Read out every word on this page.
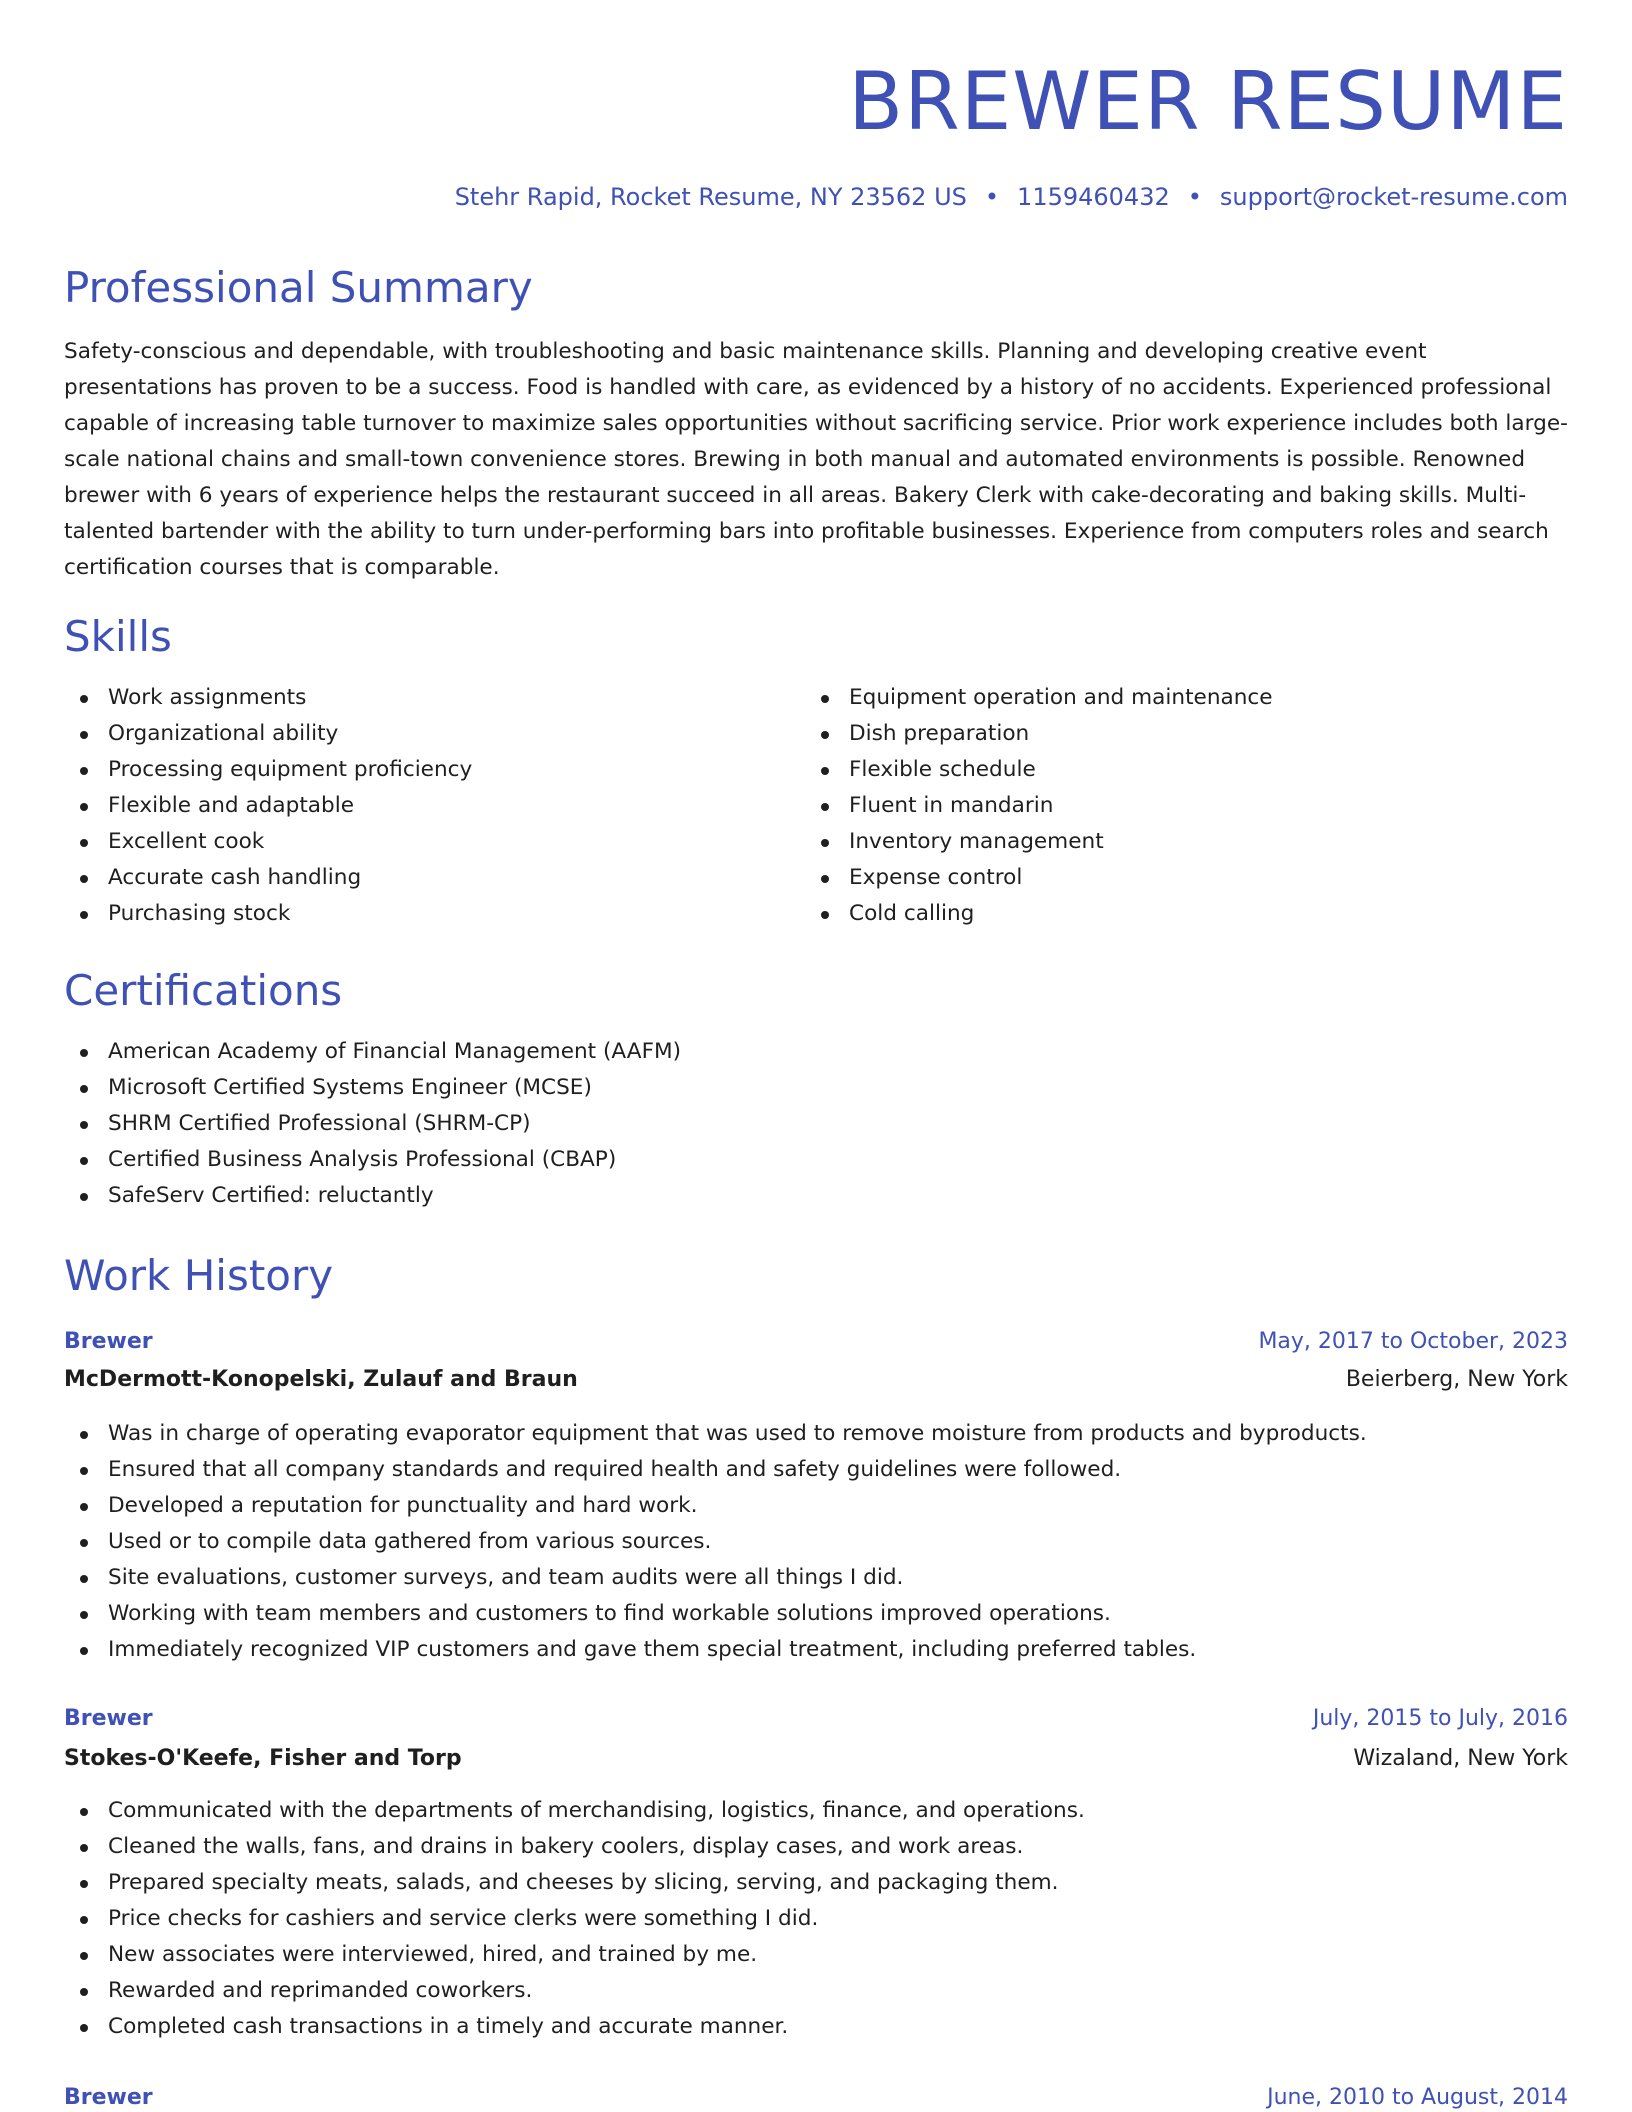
BREWER RESUME
Stehr Rapid, Rocket Resume, NY 23562 US • 1159460432 • support@rocket-resume.com
Professional Summary

Safety-conscious and dependable, with troubleshooting and basic maintenance skills. Planning and developing creative event presentations has proven to be a success. Food is handled with care, as evidenced by a history of no accidents. Experienced professional capable of increasing table turnover to maximize sales opportunities without sacrificing service. Prior work experience includes both large-scale national chains and small-town convenience stores. Brewing in both manual and automated environments is possible. Renowned brewer with 6 years of experience helps the restaurant succeed in all areas. Bakery Clerk with cake-decorating and baking skills. Multi-talented bartender with the ability to turn under-performing bars into profitable businesses. Experience from computers roles and search certification courses that is comparable.

Skills
Work assignments
Organizational ability
Processing equipment proficiency
Flexible and adaptable
Excellent cook
Accurate cash handling
Purchasing stock
Equipment operation and maintenance
Dish preparation
Flexible schedule
Fluent in mandarin
Inventory management
Expense control
Cold calling
Certifications
American Academy of Financial Management (AAFM)
Microsoft Certified Systems Engineer (MCSE)
SHRM Certified Professional (SHRM-CP)
Certified Business Analysis Professional (CBAP)
SafeServ Certified: reluctantly
Work History
Brewer	May, 2017 to October, 2023
McDermott-Konopelski, Zulauf and Braun	Beierberg, New York
Was in charge of operating evaporator equipment that was used to remove moisture from products and byproducts.
Ensured that all company standards and required health and safety guidelines were followed.
Developed a reputation for punctuality and hard work.
Used or to compile data gathered from various sources.
Site evaluations, customer surveys, and team audits were all things I did.
Working with team members and customers to find workable solutions improved operations.
Immediately recognized VIP customers and gave them special treatment, including preferred tables.
Brewer	July, 2015 to July, 2016
Stokes-O'Keefe, Fisher and Torp	Wizaland, New York
Communicated with the departments of merchandising, logistics, finance, and operations.
Cleaned the walls, fans, and drains in bakery coolers, display cases, and work areas.
Prepared specialty meats, salads, and cheeses by slicing, serving, and packaging them.
Price checks for cashiers and service clerks were something I did.
New associates were interviewed, hired, and trained by me.
Rewarded and reprimanded coworkers.
Completed cash transactions in a timely and accurate manner.
Brewer	June, 2010 to August, 2014
